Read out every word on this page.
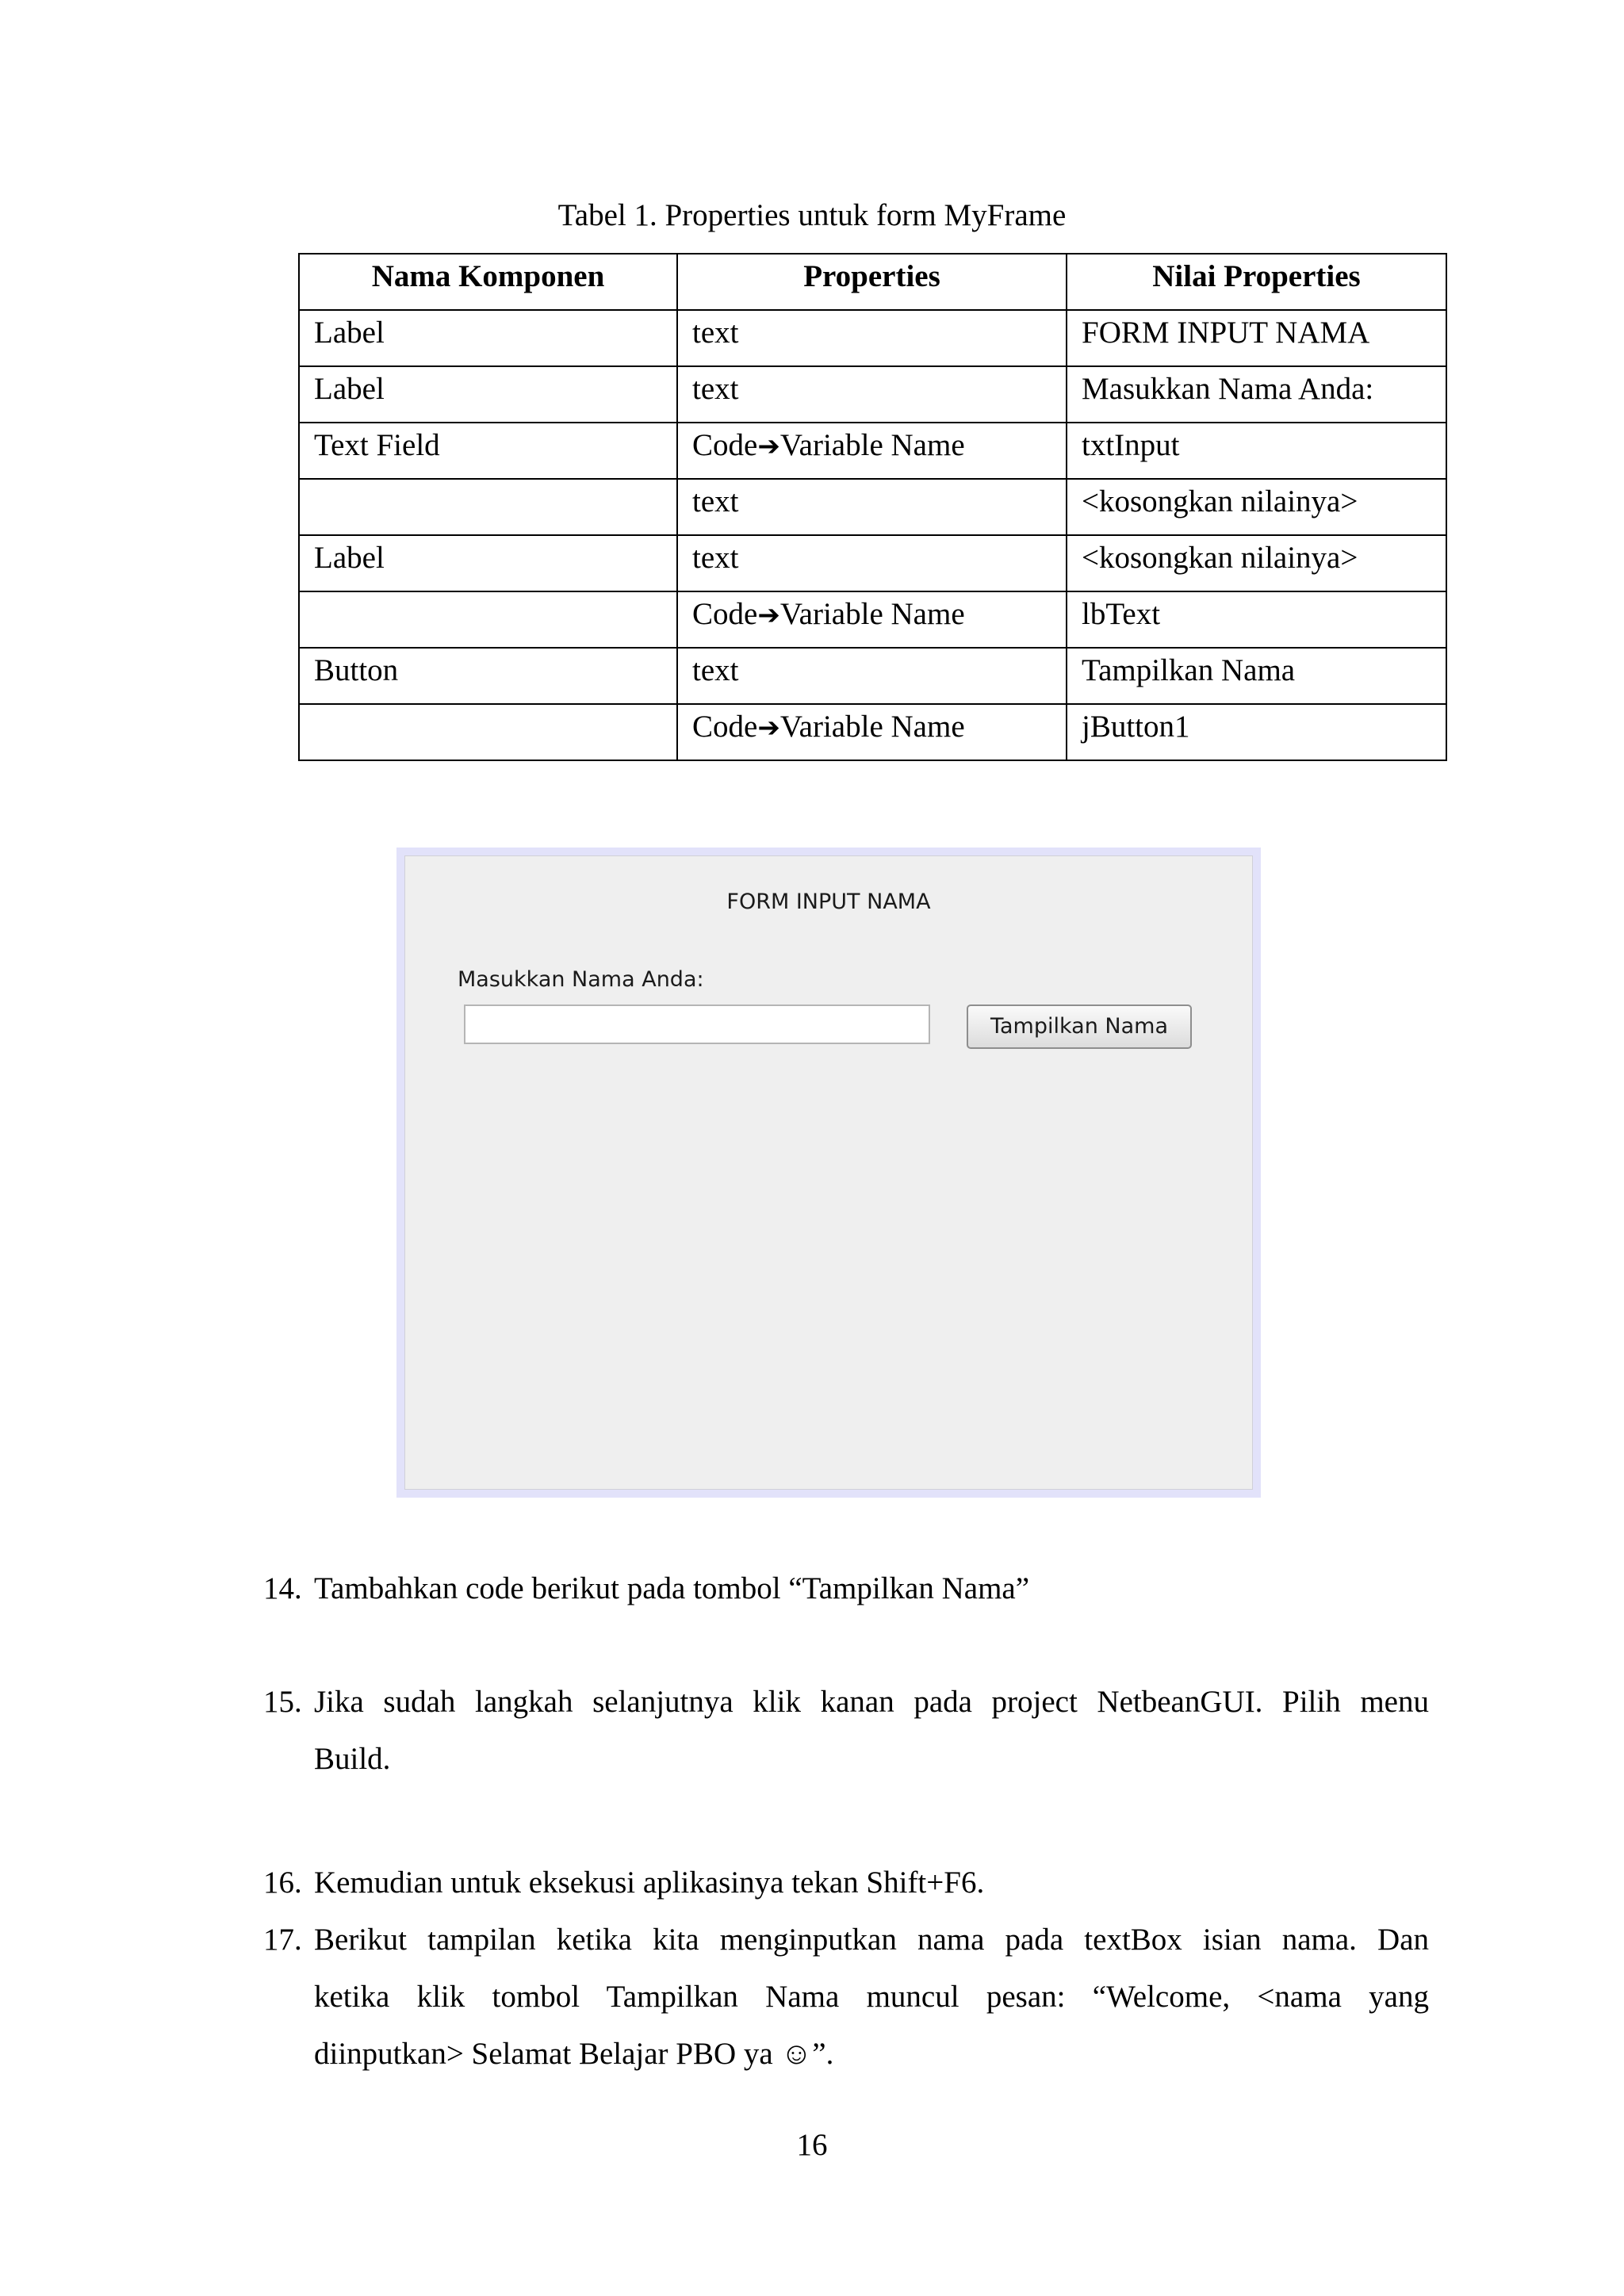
Tabel 1. Properties untuk form MyFrame
Nama Komponen	Properties	Nilai Properties
Label	text	FORM INPUT NAMA
Label	text	Masukkan Nama Anda:
Text Field	Code➔Variable Name	txtInput
	text	<kosongkan nilainya>
Label	text	<kosongkan nilainya>
	Code➔Variable Name	lbText
Button	text	Tampilkan Nama
	Code➔Variable Name	jButton1
FORM INPUT NAMA
Masukkan Nama Anda:
Tampilkan Nama
14. Tambahkan code berikut pada tombol “Tampilkan Nama”
15. Jika sudah langkah selanjutnya klik kanan pada project NetbeanGUI. Pilih menu
Build.
16. Kemudian untuk eksekusi aplikasinya tekan Shift+F6.
17. Berikut tampilan ketika kita menginputkan nama pada textBox isian nama. Dan
ketika klik tombol Tampilkan Nama muncul pesan: “Welcome, <nama yang
diinputkan> Selamat Belajar PBO ya ☺”.
16
